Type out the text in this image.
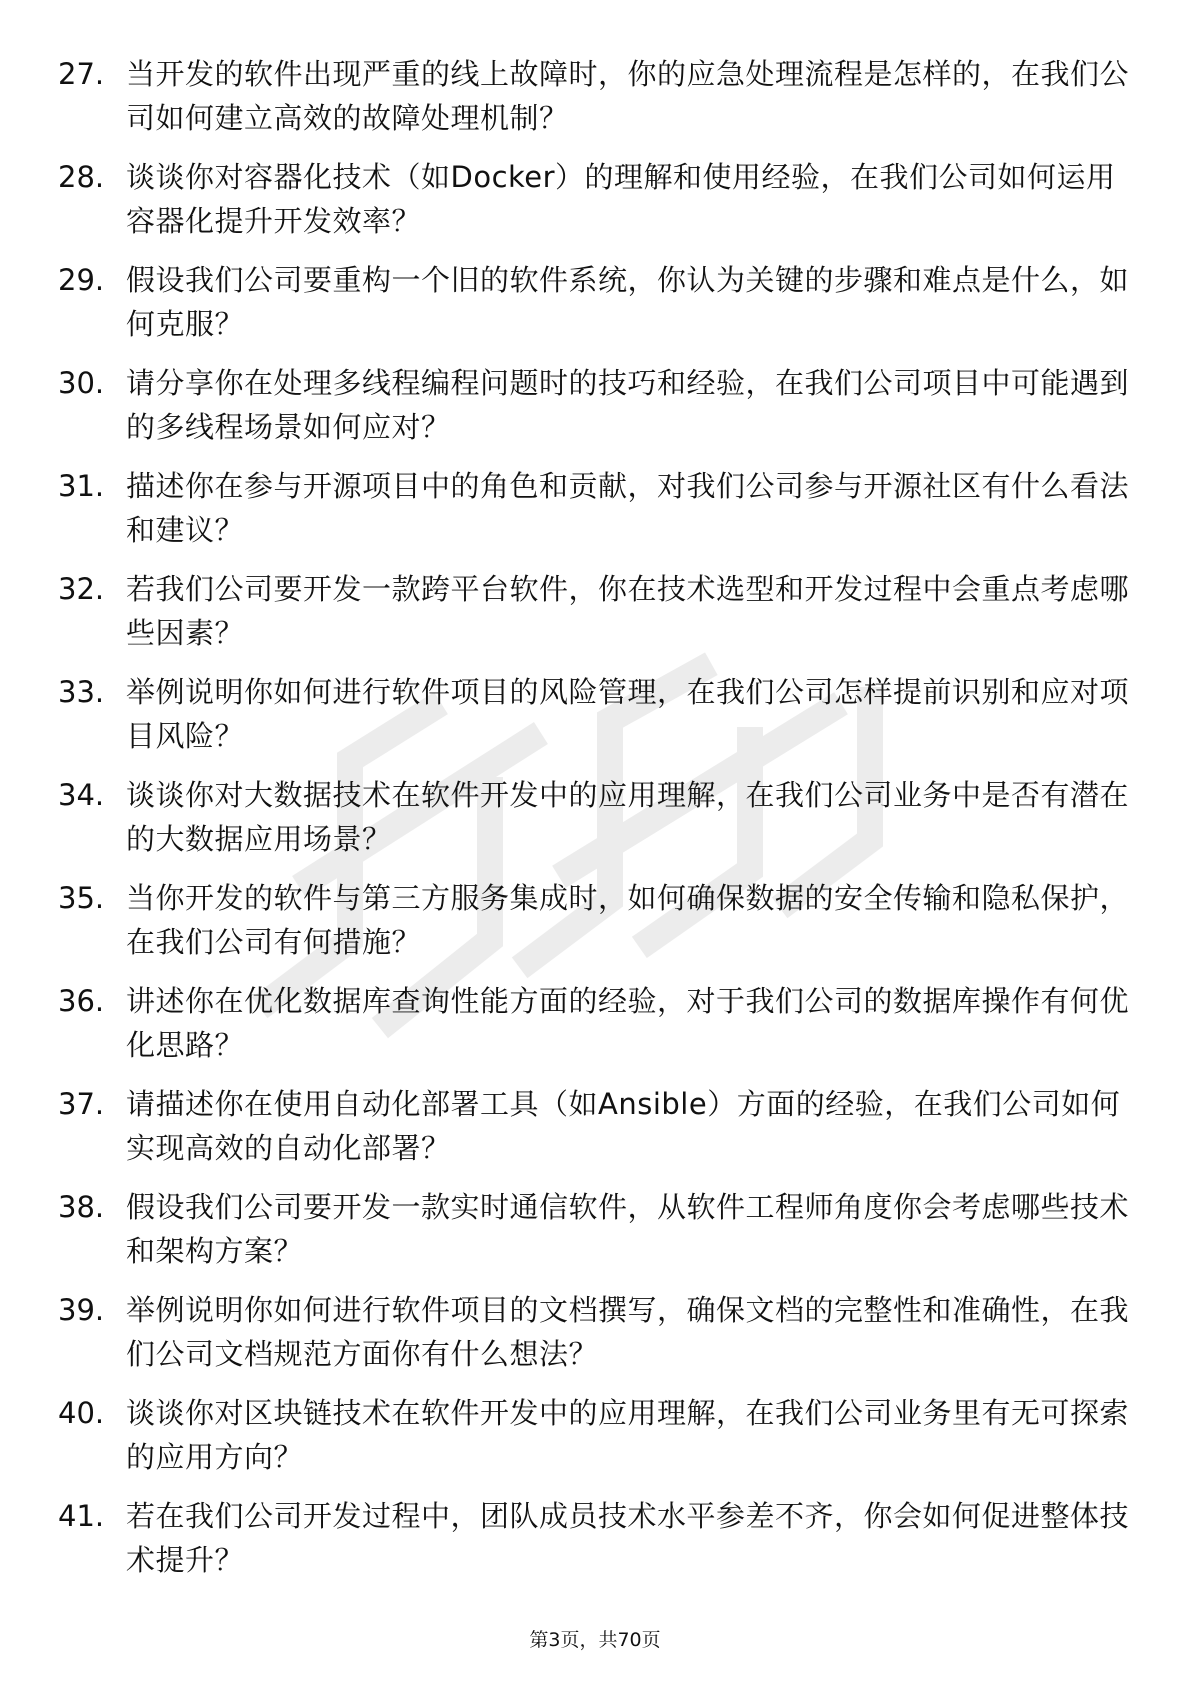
27. 当开发的软件出现严重的线上故障时，你的应急处理流程是怎样的，在我们公司如何建立高效的故障处理机制？
28. 谈谈你对容器化技术（如Docker）的理解和使用经验，在我们公司如何运用容器化提升开发效率？
29. 假设我们公司要重构一个旧的软件系统，你认为关键的步骤和难点是什么，如何克服？
30. 请分享你在处理多线程编程问题时的技巧和经验，在我们公司项目中可能遇到的多线程场景如何应对？
31. 描述你在参与开源项目中的角色和贡献，对我们公司参与开源社区有什么看法和建议？
32. 若我们公司要开发一款跨平台软件，你在技术选型和开发过程中会重点考虑哪些因素？
33. 举例说明你如何进行软件项目的风险管理，在我们公司怎样提前识别和应对项目风险？
34. 谈谈你对大数据技术在软件开发中的应用理解，在我们公司业务中是否有潜在的大数据应用场景？
35. 当你开发的软件与第三方服务集成时，如何确保数据的安全传输和隐私保护，在我们公司有何措施？
36. 讲述你在优化数据库查询性能方面的经验，对于我们公司的数据库操作有何优化思路？
37. 请描述你在使用自动化部署工具（如Ansible）方面的经验，在我们公司如何实现高效的自动化部署？
38. 假设我们公司要开发一款实时通信软件，从软件工程师角度你会考虑哪些技术和架构方案？
39. 举例说明你如何进行软件项目的文档撰写，确保文档的完整性和准确性，在我们公司文档规范方面你有什么想法？
40. 谈谈你对区块链技术在软件开发中的应用理解，在我们公司业务里有无可探索的应用方向？
41. 若在我们公司开发过程中，团队成员技术水平参差不齐，你会如何促进整体技术提升？
第3页，共70页
